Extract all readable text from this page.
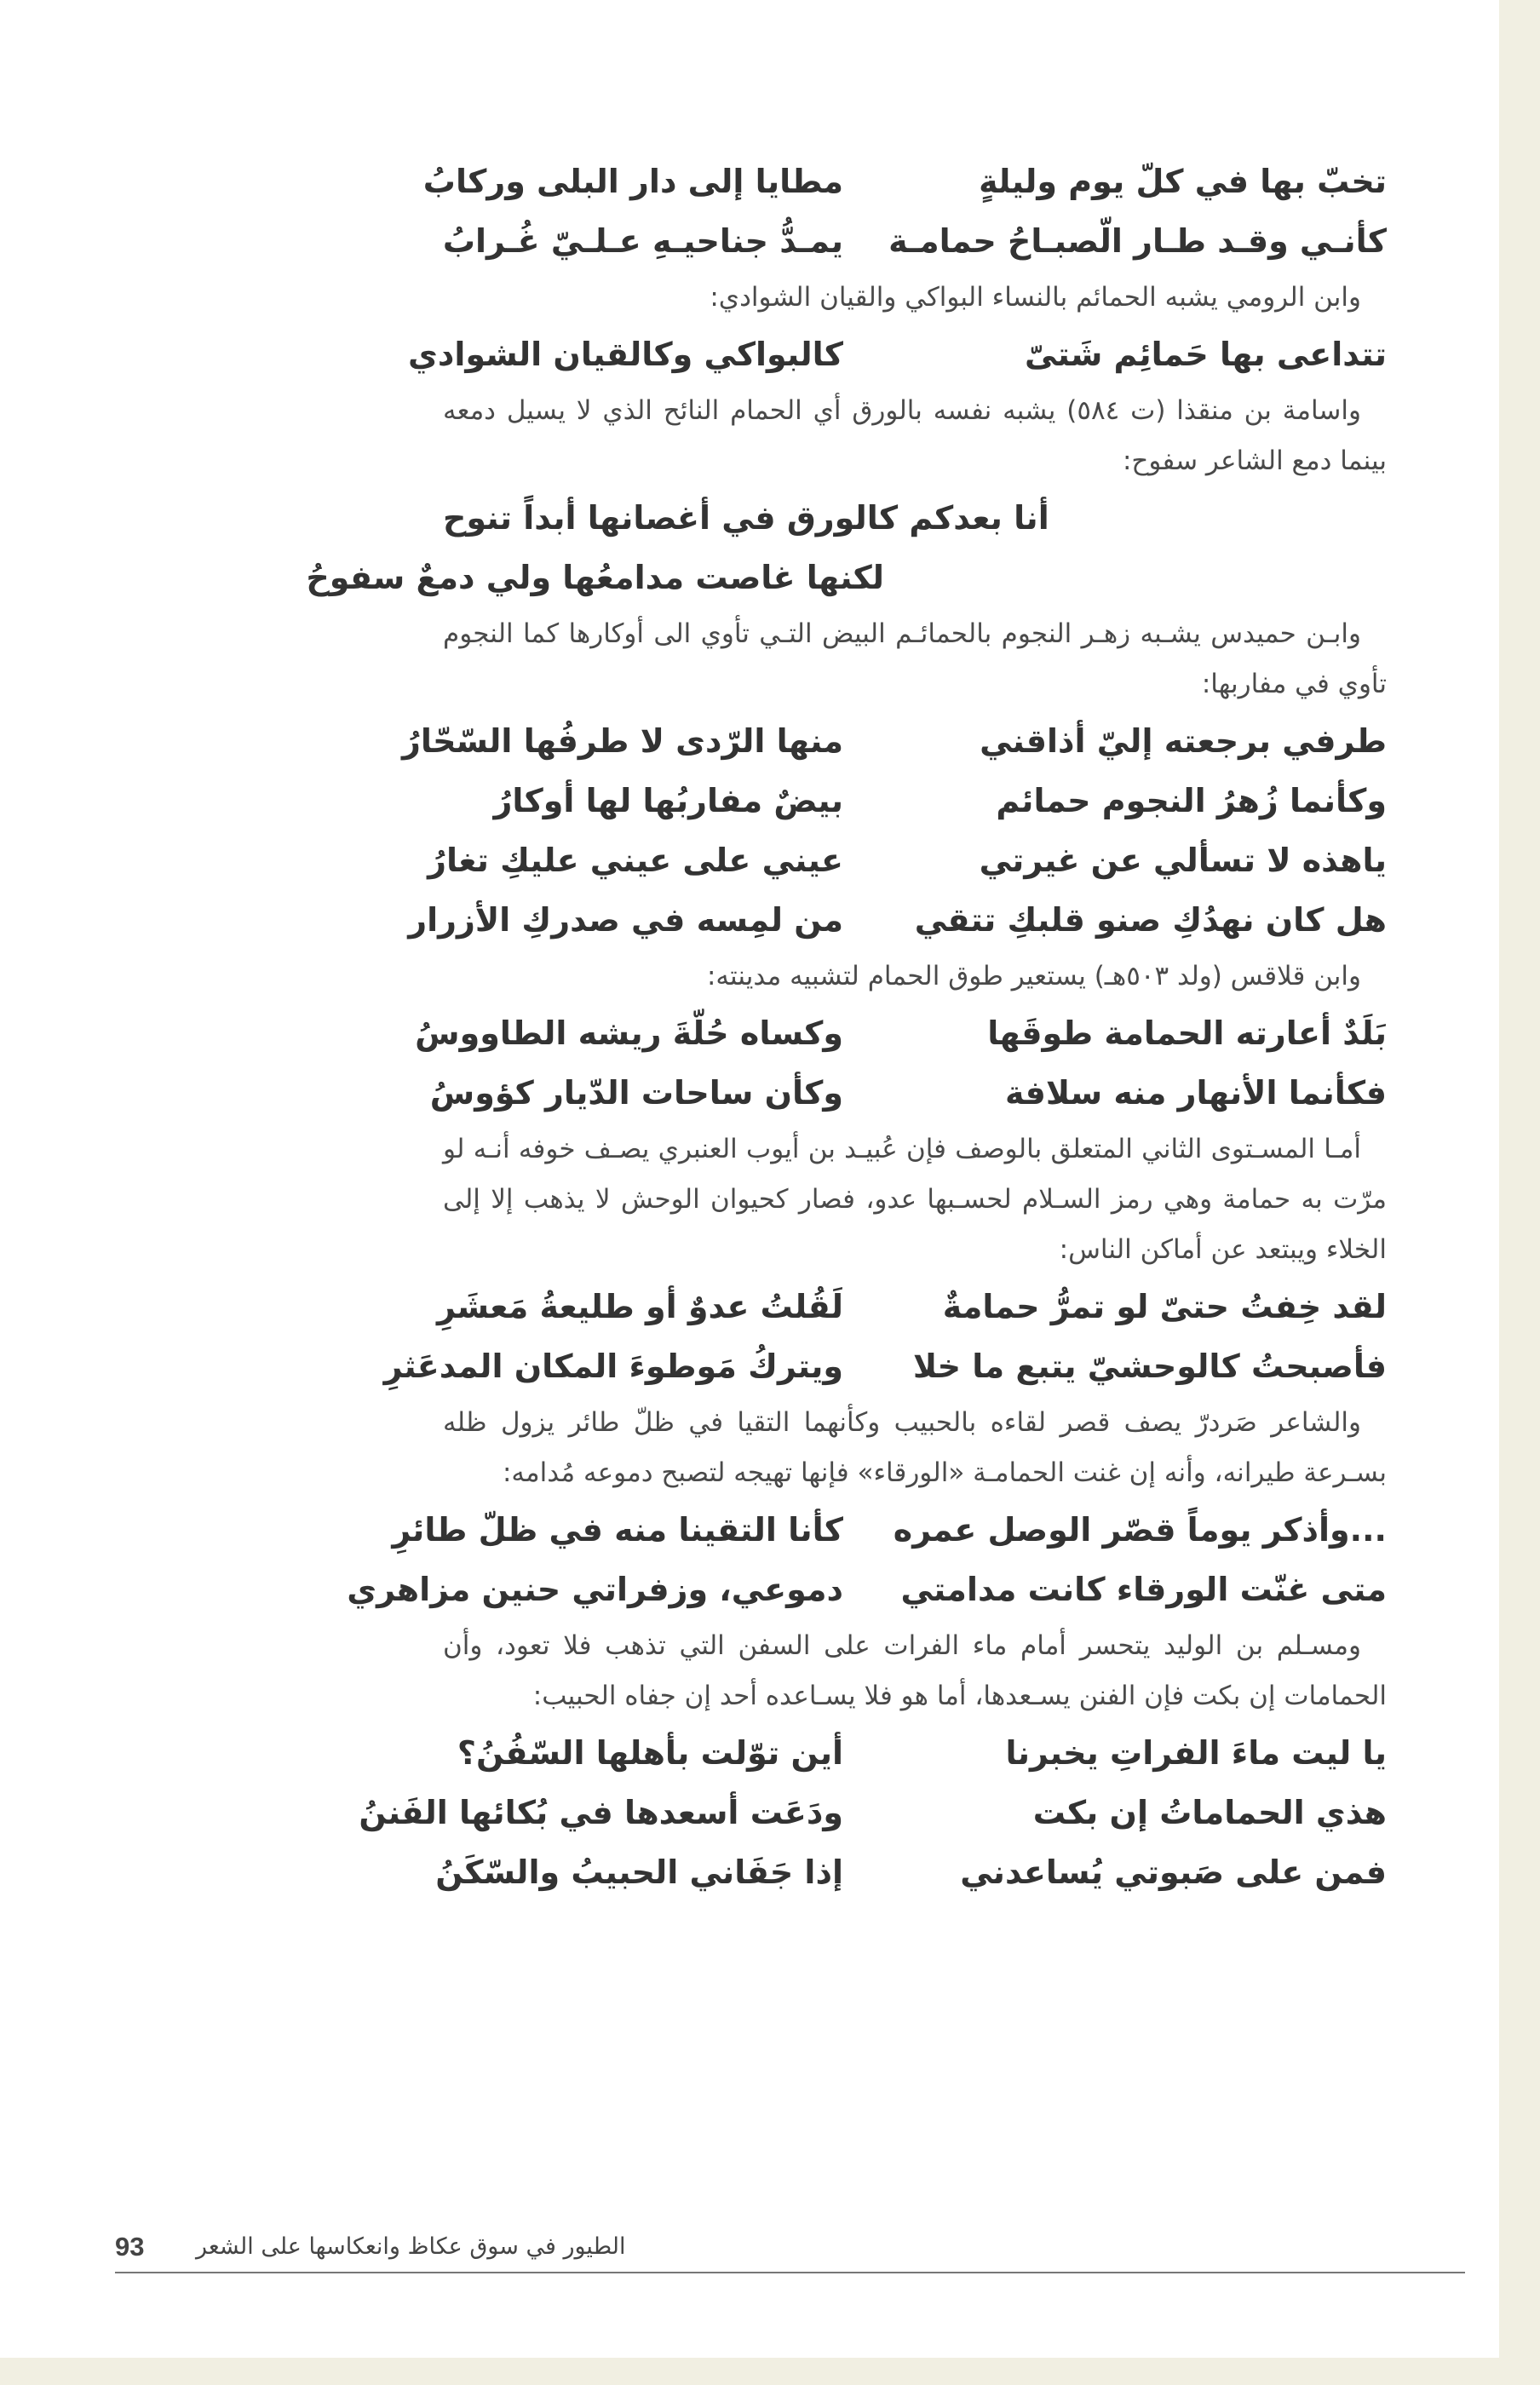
تخبّ بها في كلّ يوم وليلةٍ
مطايا إلى دار البلى وركابُ
كأنـي وقـد طـار الّصبـاحُ حمامـة
يمـدُّ جناحيـهِ عـلـيّ غُـرابُ

وابن الرومي يشبه الحمائم بالنساء البواكي والقيان الشوادي:

تتداعى بها حَمائِم شَتىّ
كالبواكي وكالقيان الشوادي

واسامة بن منقذا (ت ٥٨٤) يشبه نفسه بالورق أي الحمام النائح الذي لا يسيل دمعه بينما دمع الشاعر سفوح:

أنا بعدكم كالورق في أغصانها أبداً تنوح
لكنها غاصت مدامعُها ولي دمعٌ سفوحُ

وابـن حميدس يشـبه زهـر النجوم بالحمائـم البيض التـي تأوي الى أوكارها كما النجوم تأوي في مفاربها:

طرفي برجعته إليّ أذاقني
منها الرّدى لا طرفُها السّحّارُ
وكأنما زُهرُ النجوم حمائم
بيضٌ مفاربُها لها أوكارُ
ياهذه لا تسألي عن غيرتي
عيني على عيني عليكِ تغارُ
هل كان نهدُكِ صنو قلبكِ تتقي
من لمِسه في صدركِ الأزرار

وابن قلاقس (ولد ٥٠٣هـ) يستعير طوق الحمام لتشبيه مدينته:

بَلَدٌ أعارته الحمامة طوقَها
وكساه حُلّةَ ريشه الطاووسُ
فكأنما الأنهار منه سلافة
وكأن ساحات الدّيار كؤوسُ

أمـا المسـتوى الثاني المتعلق بالوصف فإن عُبيـد بن أيوب العنبري يصـف خوفه أنـه لو مرّت به حمامة وهي رمز السـلام لحسـبها عدو، فصار كحيوان الوحش لا يذهب إلا إلى الخلاء ويبتعد عن أماكن الناس:

لقد خِفتُ حتىّ لو تمرُّ حمامةٌ
لَقُلتُ عدوٌ أو طليعةُ مَعشَرِ
فأصبحتُ كالوحشيّ يتبع ما خلا
ويتركُ مَوطوءَ المكان المدعَثرِ

والشاعر صَردرّ يصف قصر لقاءه بالحبيب وكأنهما التقيا في ظلّ طائر يزول ظله بسـرعة طيرانه، وأنه إن غنت الحمامـة «الورقاء» فإنها تهيجه لتصبح دموعه مُدامه:

...وأذكر يوماً قصّر الوصل عمره
كأنا التقينا منه في ظلّ طائرِ
متى غنّت الورقاء كانت مدامتي
دموعي، وزفراتي حنين مزاهري

ومسـلم بن الوليد يتحسر أمام ماء الفرات على السفن التي تذهب فلا تعود، وأن الحمامات إن بكت فإن الفنن يسـعدها، أما هو فلا يسـاعده أحد إن جفاه الحبيب:

يا ليت ماءَ الفراتِ يخبرنا
أين توّلت بأهلها السّفُنُ؟
هذي الحماماتُ إن بكت
ودَعَت أسعدها في بُكائها الفَننُ
فمن على صَبوتي يُساعدني
إذا جَفَاني الحبيبُ والسّكَنُ
93 الطيور في سوق عكاظ وانعكاسها على الشعر
